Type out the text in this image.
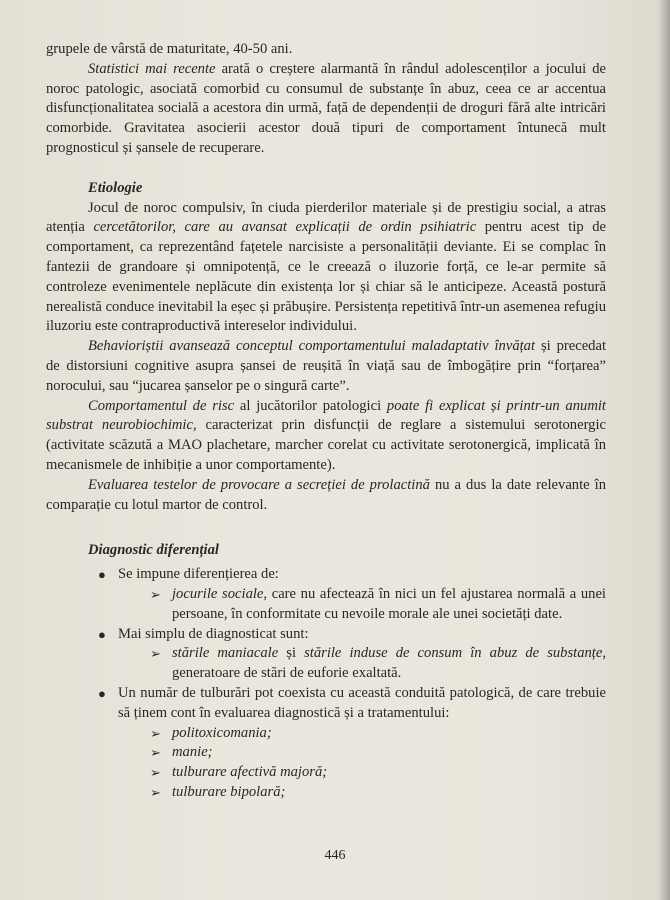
grupele de vârstă de maturitate, 40-50 ani.

Statistici mai recente arată o creștere alarmantă în rândul adolescenților a jocului de noroc patologic, asociată comorbid cu consumul de substanțe în abuz, ceea ce ar accentua disfuncționalitatea socială a acestora din urmă, față de dependenții de droguri fără alte intricări comorbide. Gravitatea asocierii acestor două tipuri de comportament întunecă mult prognosticul și șansele de recuperare.

Etiologie

Jocul de noroc compulsiv, în ciuda pierderilor materiale și de prestigiu social, a atras atenția cercetătorilor, care au avansat explicații de ordin psihiatric pentru acest tip de comportament, ca reprezentând fațetele narcisiste a personalității deviante. Ei se complac în fantezii de grandoare și omnipotență, ce le creează o iluzorie forță, ce le-ar permite să controleze evenimentele neplăcute din existența lor și chiar să le anticipeze. Această postură nerealistă conduce inevitabil la eșec și prăbușire. Persistența repetitivă într-un asemenea refugiu iluzoriu este contraproductivă intereselor individului.

Behavioriștii avansează conceptul comportamentului maladaptativ învățat și precedat de distorsiuni cognitive asupra șansei de reușită în viață sau de îmbogățire prin “forțarea” norocului, sau “jucarea șanselor pe o singură carte”.

Comportamentul de risc al jucătorilor patologici poate fi explicat și printr-un anumit substrat neurobiochimic, caracterizat prin disfuncții de reglare a sistemului serotonergic (activitate scăzută a MAO plachetare, marcher corelat cu activitate serotonergică, implicată în mecanismele de inhibiție a unor comportamente).

Evaluarea testelor de provocare a secreției de prolactină nu a dus la date relevante în comparație cu lotul martor de control.

Diagnostic diferențial
● Se impune diferențierea de:
➢ jocurile sociale, care nu afectează în nici un fel ajustarea normală a unei persoane, în conformitate cu nevoile morale ale unei societăți date.
● Mai simplu de diagnosticat sunt:
➢ stările maniacale și stările induse de consum în abuz de substanțe, generatoare de stări de euforie exaltată.
● Un număr de tulburări pot coexista cu această conduită patologică, de care trebuie să ținem cont în evaluarea diagnostică și a tratamentului:
➢ politoxicomania;
➢ manie;
➢ tulburare afectivă majoră;
➢ tulburare bipolară;
446
